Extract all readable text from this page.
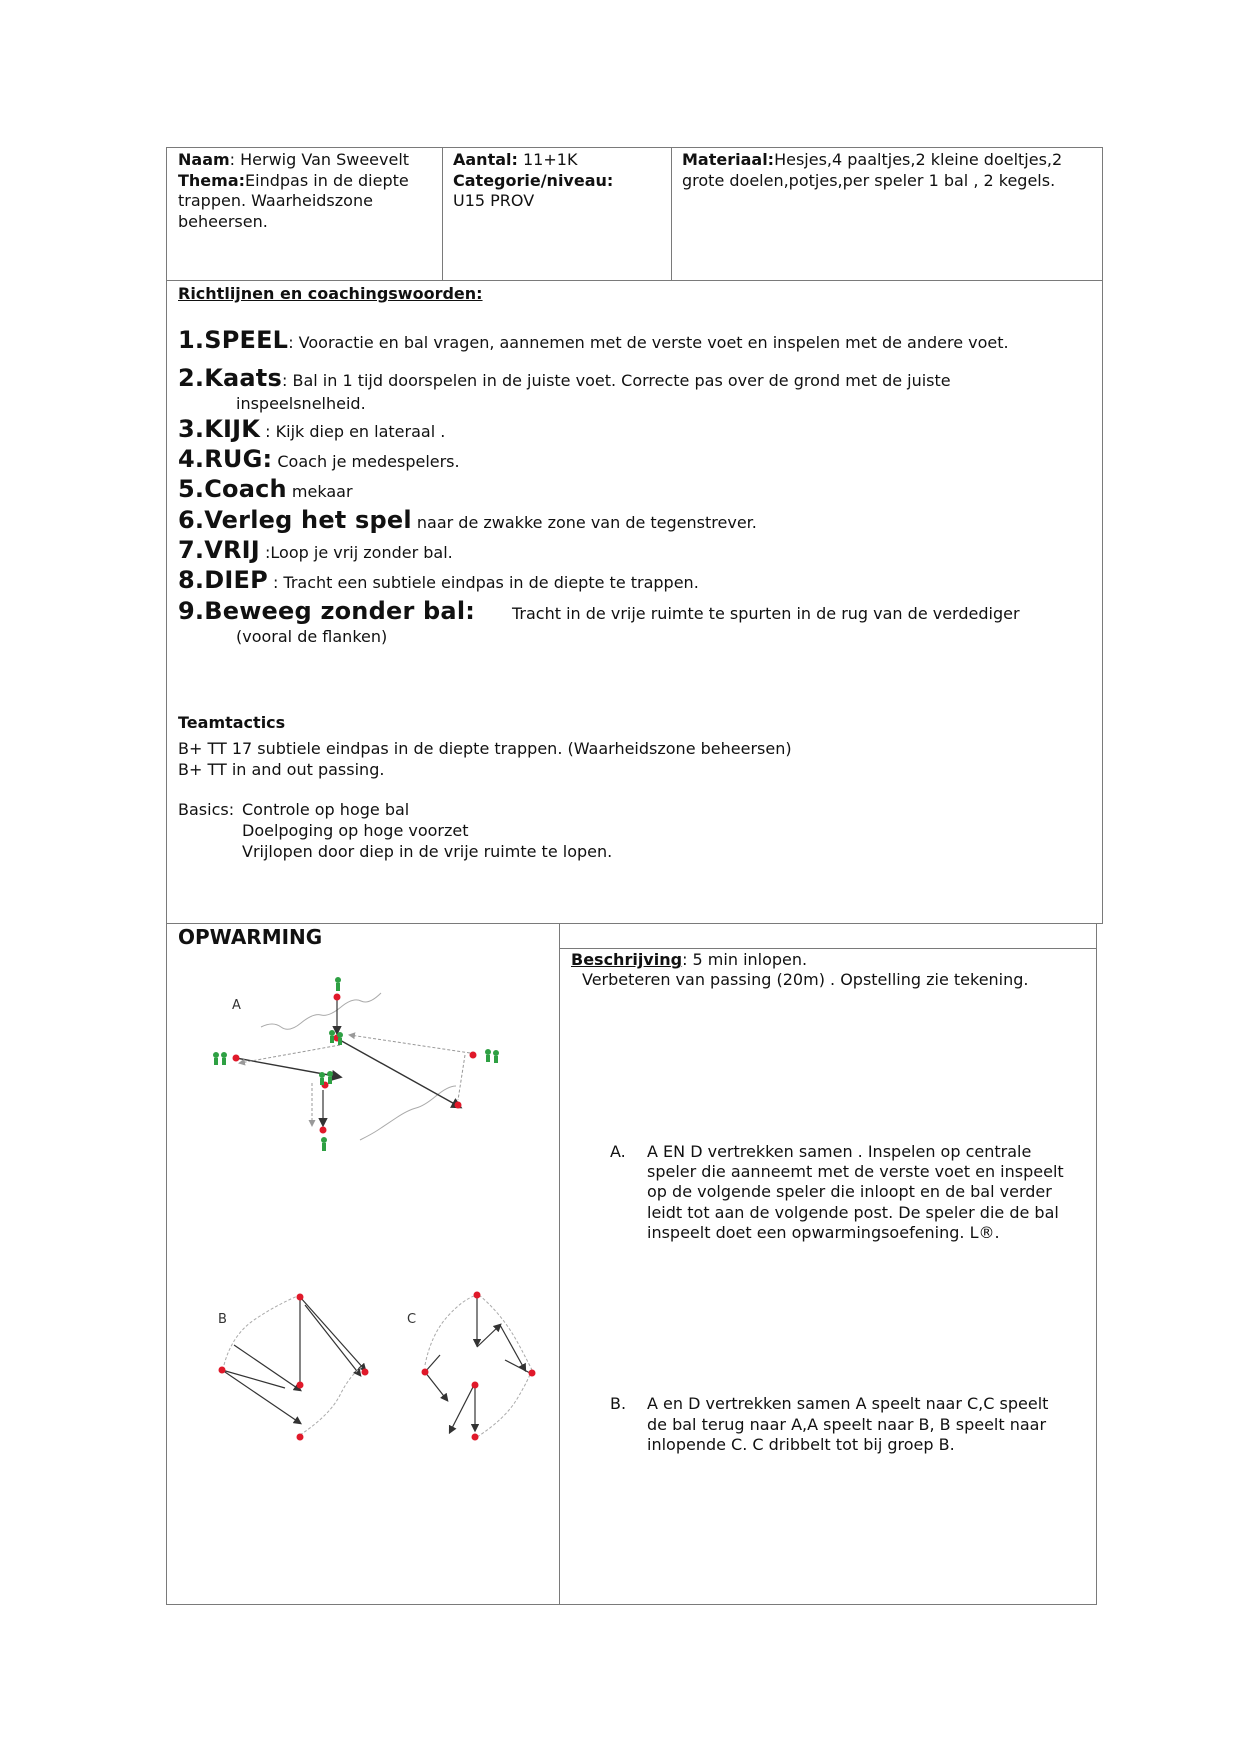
Naam: Herwig Van Sweevelt
Thema:Eindpas in de diepte
trappen. Waarheidszone
beheersen.
Aantal: 11+1K
Categorie/niveau:
U15 PROV
Materiaal:Hesjes,4 paaltjes,2 kleine doeltjes,2
grote doelen,potjes,per speler 1 bal , 2 kegels.
Richtlijnen en coachingswoorden:
1.SPEEL: Vooractie en bal vragen, aannemen met de verste voet en inspelen met de andere voet.
2.Kaats: Bal in 1 tijd doorspelen in de juiste voet. Correcte pas over de grond met de juiste
inspeelsnelheid.
3.KIJK : Kijk diep en lateraal .
4.RUG: Coach je medespelers.
5.Coach mekaar
6.Verleg het spel naar de zwakke zone van de tegenstrever.
7.VRIJ :Loop je vrij zonder bal.
8.DIEP : Tracht een subtiele eindpas in de diepte te trappen.
9.Beweeg zonder bal: Tracht in de vrije ruimte te spurten in de rug van de verdediger
(vooral de flanken)
Teamtactics
B+ TT 17 subtiele eindpas in de diepte trappen. (Waarheidszone beheersen)
B+ TT in and out passing.
Basics: Controle op hoge bal
Doelpoging op hoge voorzet
Vrijlopen door diep in de vrije ruimte te lopen.
OPWARMING
Beschrijving: 5 min inlopen.
Verbeteren van passing (20m) . Opstelling zie tekening.
A. A EN D vertrekken samen . Inspelen op centrale
speler die aanneemt met de verste voet en inspeelt
op de volgende speler die inloopt en de bal verder
leidt tot aan de volgende post. De speler die de bal
inspeelt doet een opwarmingsoefening. L®.
B. A en D vertrekken samen A speelt naar C,C speelt
de bal terug naar A,A speelt naar B, B speelt naar
inlopende C. C dribbelt tot bij groep B.
A
B	C
